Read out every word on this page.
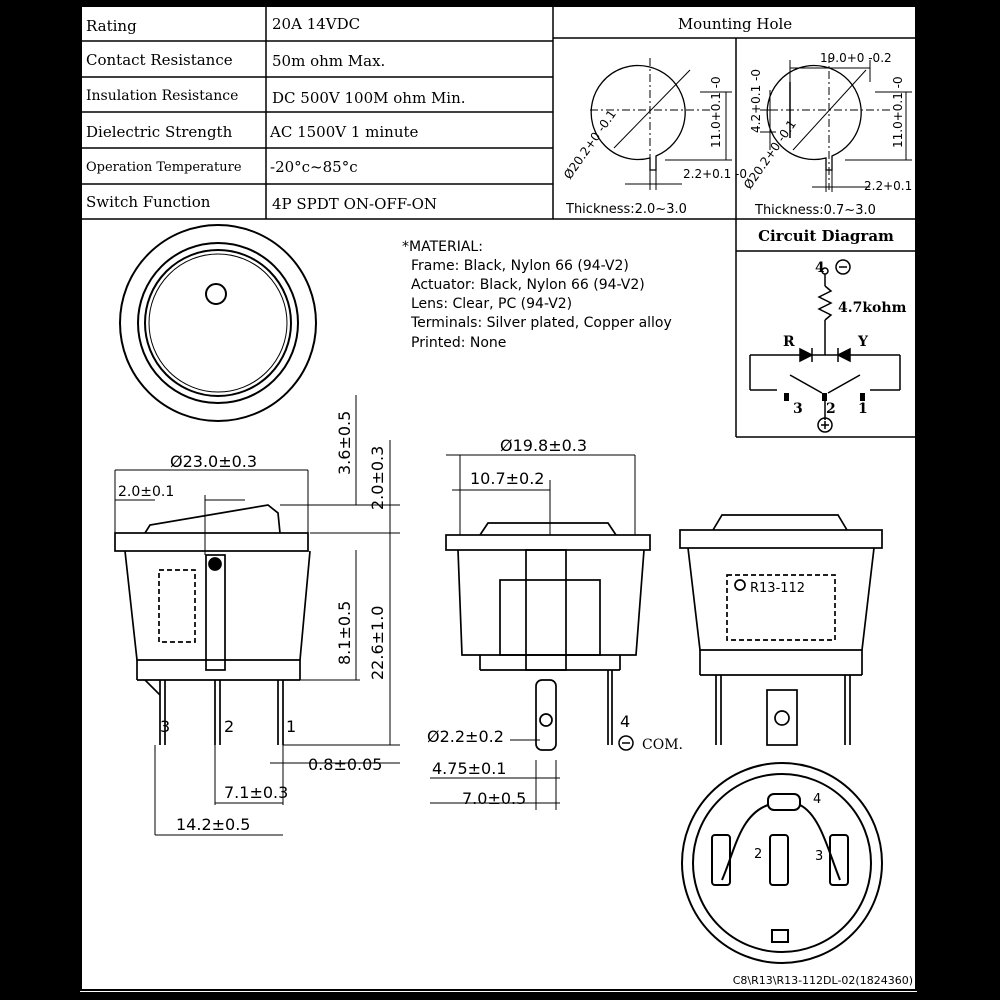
Rating	20A 14VDC
Contact Resistance	50m ohm Max.
Insulation Resistance DC 500V 100M ohm Min.
Dielectric Strength	AC 1500V 1 minute
Operation Temperature -20°c~85°c
Switch Function	4P SPDT ON-OFF-ON
Mounting Hole
Ø20.2+0 -0.1	11.0+0.1 -0
2.2+0.1 -0
Thickness:2.0~3.0
19.0+0 -0.2
4.2+0.1 -0
Ø20.2+0 -0.1
11.0+0.1 -0
2.2+0.1 -0
Thickness:0.7~3.0
Circuit Diagram
4
4.7kohm
R	Y
3 2 1
*MATERIAL:
Frame: Black, Nylon 66 (94-V2)
Actuator: Black, Nylon 66 (94-V2)
Lens: Clear, PC (94-V2)
Terminals: Silver plated, Copper alloy
Printed: None
Ø23.0±0.3
2.0±0.1
3.6±0.5
2.0±0.3
8.1±0.5 22.6±1.0
0.8±0.05
7.1±0.3
14.2±0.5
3	2	1
Ø19.8±0.3
10.7±0.2
Ø2.2±0.2
4.75±0.1
7.0±0.5
4
COM.
R13-112
4
2	3
C8\R13\R13-112DL-02(1824360)
